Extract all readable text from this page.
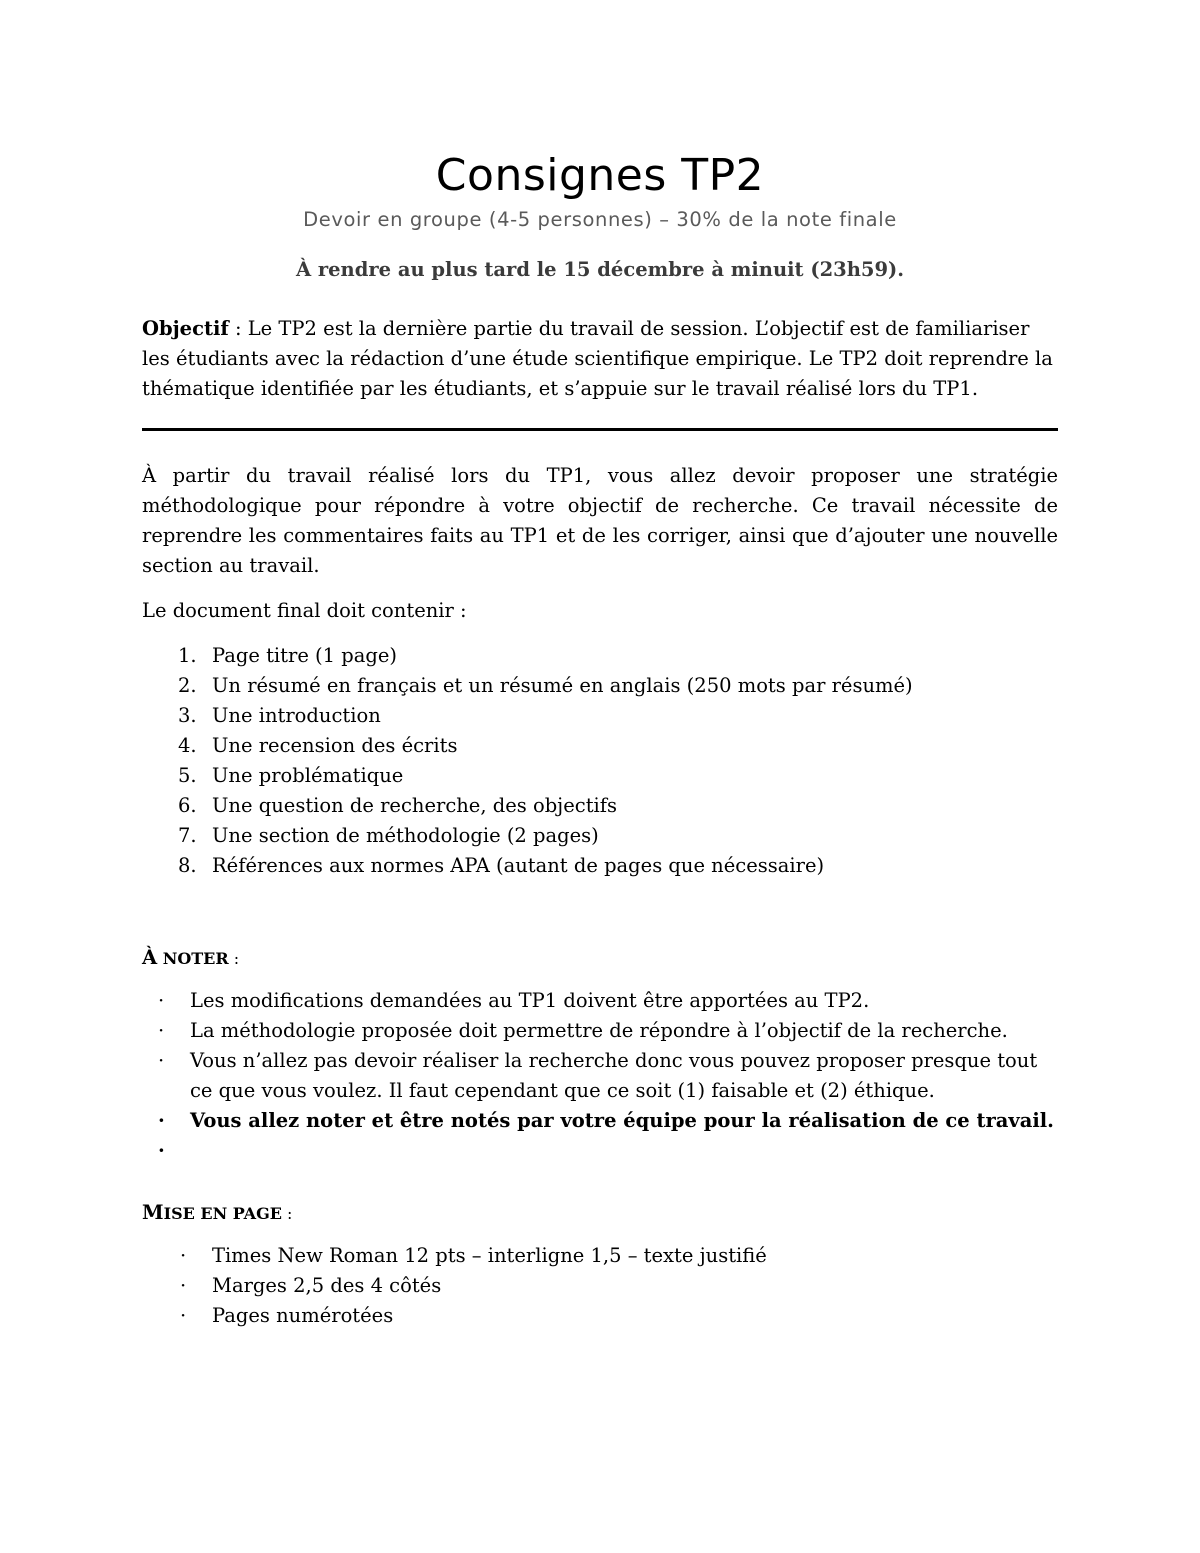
Consignes TP2

Devoir en groupe (4-5 personnes) – 30% de la note finale

À rendre au plus tard le 15 décembre à minuit (23h59).

Objectif : Le TP2 est la dernière partie du travail de session. L’objectif est de familiariser les étudiants avec la rédaction d’une étude scientifique empirique. Le TP2 doit reprendre la thématique identifiée par les étudiants, et s’appuie sur le travail réalisé lors du TP1.

À partir du travail réalisé lors du TP1, vous allez devoir proposer une stratégie méthodologique pour répondre à votre objectif de recherche. Ce travail nécessite de reprendre les commentaires faits au TP1 et de les corriger, ainsi que d’ajouter une nouvelle section au travail.

Le document final doit contenir :

1. Page titre (1 page)
2. Un résumé en français et un résumé en anglais (250 mots par résumé)
3. Une introduction
4. Une recension des écrits
5. Une problématique
6. Une question de recherche, des objectifs
7. Une section de méthodologie (2 pages)
8. Références aux normes APA (autant de pages que nécessaire)

À NOTER :

·	Les modifications demandées au TP1 doivent être apportées au TP2.
·	La méthodologie proposée doit permettre de répondre à l’objectif de la recherche.
·	Vous n’allez pas devoir réaliser la recherche donc vous pouvez proposer presque tout ce que vous voulez. Il faut cependant que ce soit (1) faisable et (2) éthique.
·	Vous allez noter et être notés par votre équipe pour la réalisation de ce travail.
·

MISE EN PAGE :

·	Times New Roman 12 pts – interligne 1,5 – texte justifié
·	Marges 2,5 des 4 côtés
·	Pages numérotées
